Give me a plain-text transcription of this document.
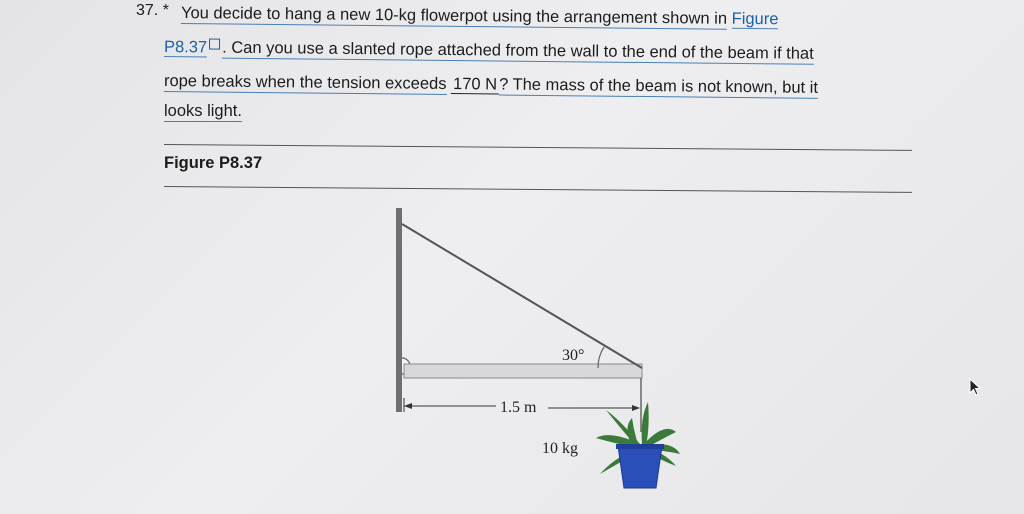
37. * You decide to hang a new 10-kg flowerpot using the arrangement shown in Figure
P8.37 . Can you use a slanted rope attached from the wall to the end of the beam if that
rope breaks when the tension exceeds 170 N ? The mass of the beam is not known, but it
looks light.
Figure P8.37
30°
1.5 m
10 kg
